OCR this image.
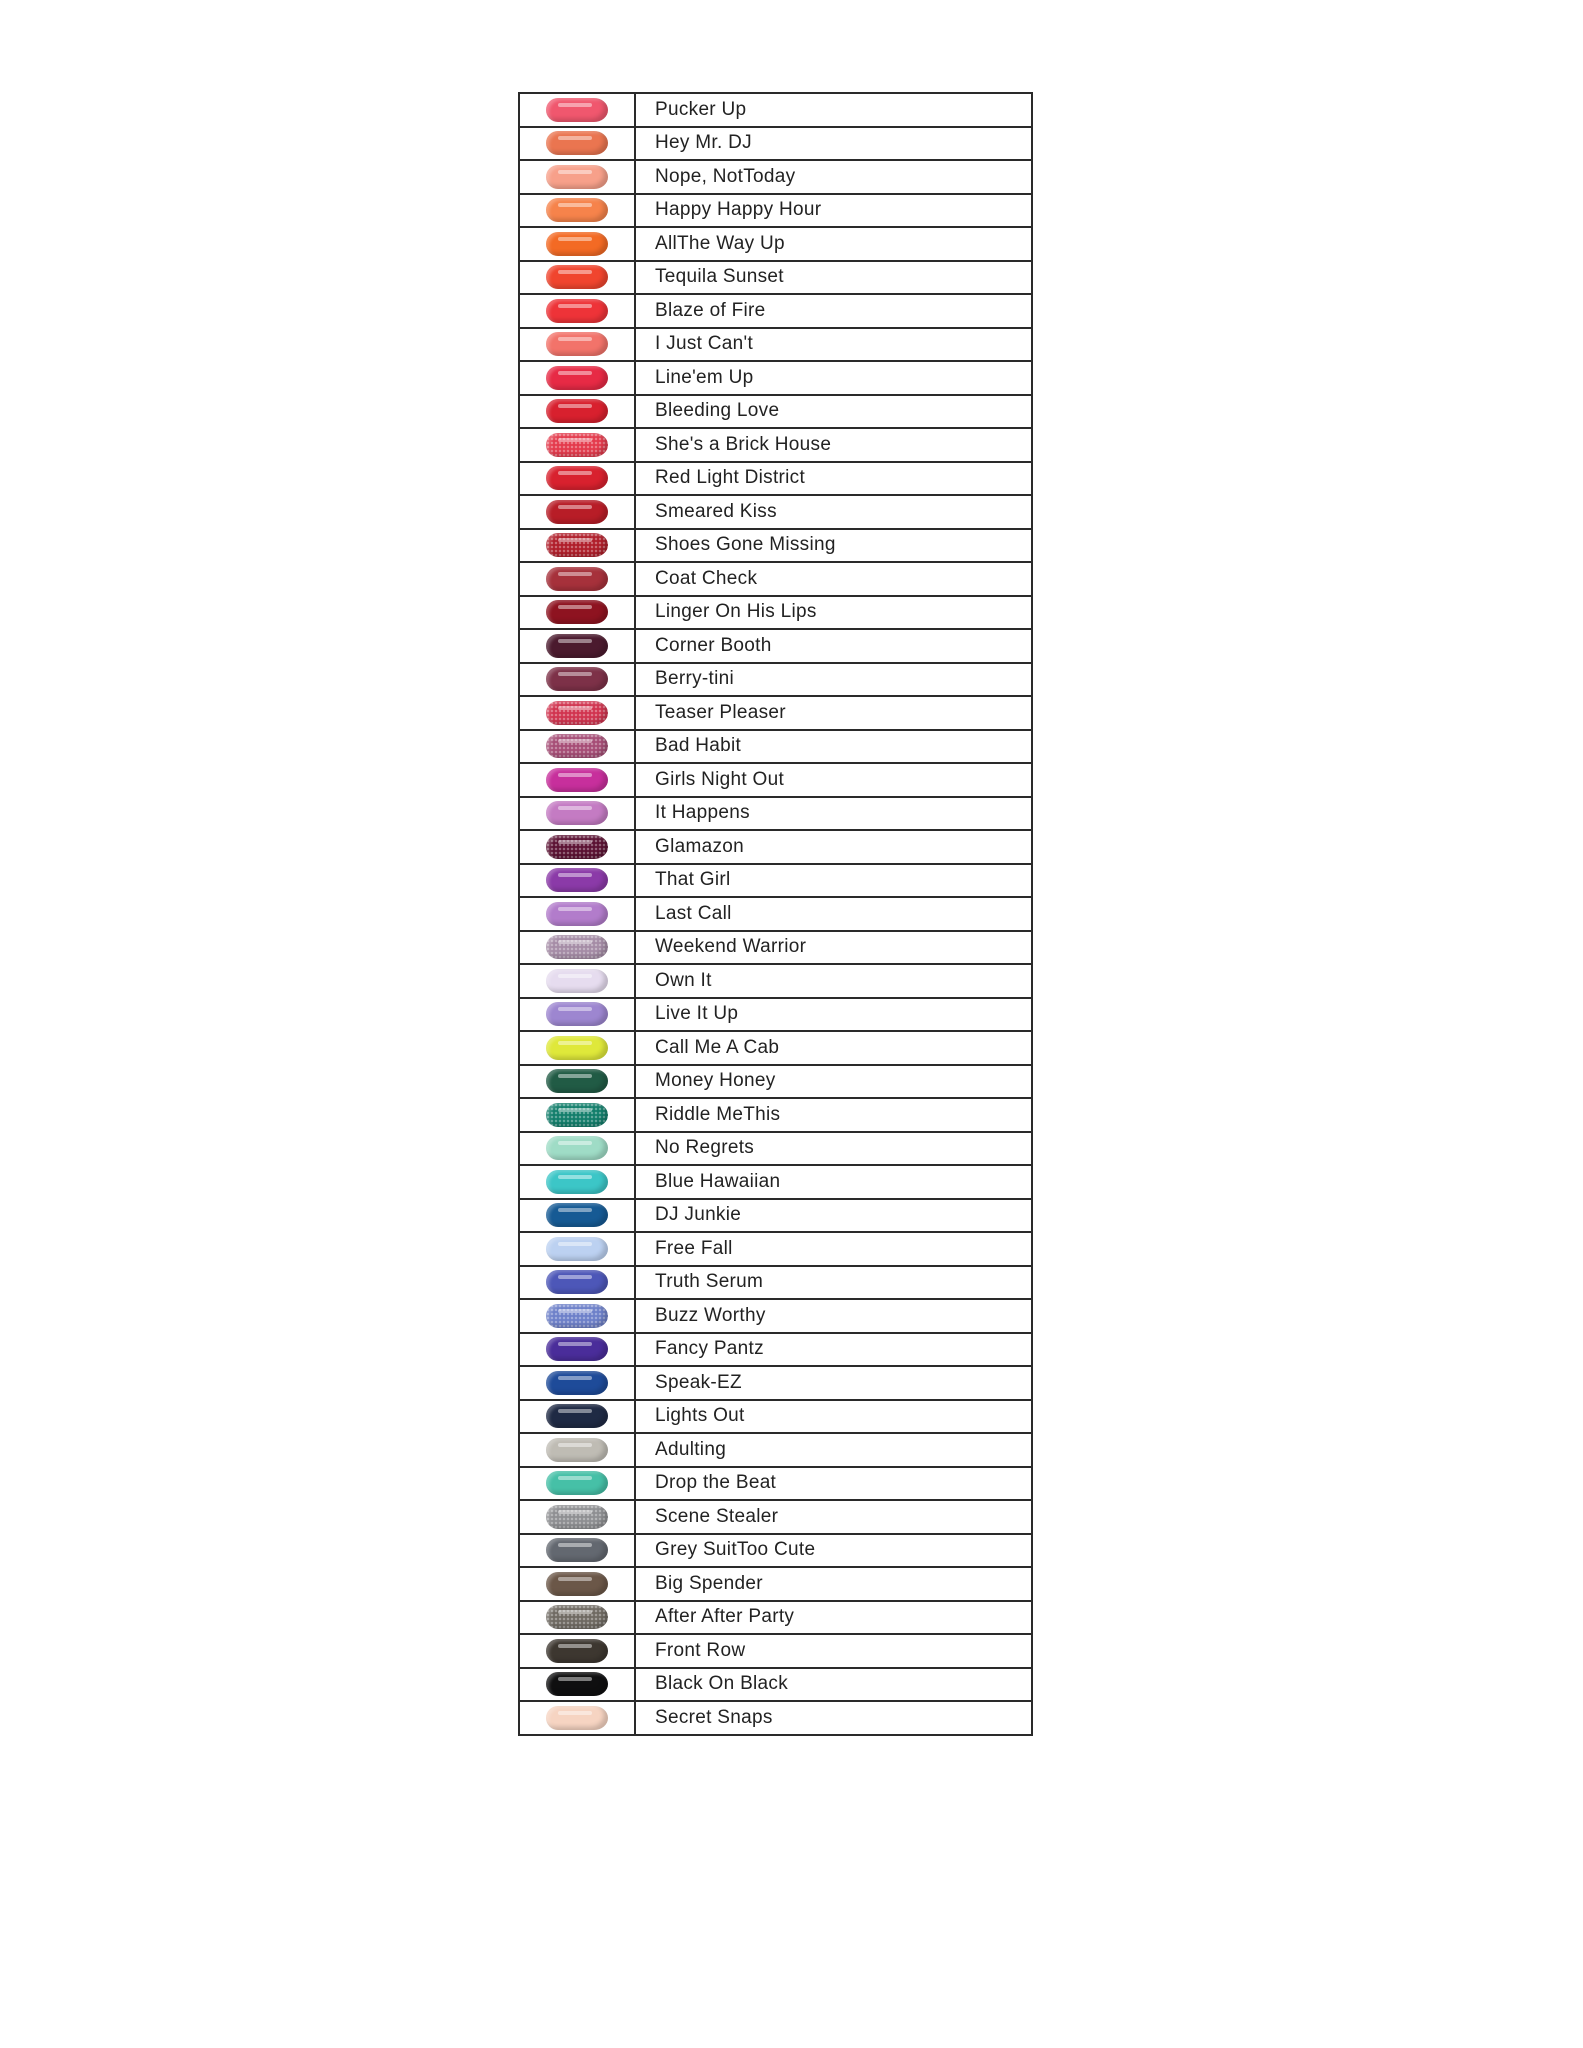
	Pucker Up
	Hey Mr. DJ
	Nope, NotToday
	Happy Happy Hour
	AllThe Way Up
	Tequila Sunset
	Blaze of Fire
	I Just Can't
	Line'em Up
	Bleeding Love
	She's a Brick House
	Red Light District
	Smeared Kiss
	Shoes Gone Missing
	Coat Check
	Linger On His Lips
	Corner Booth
	Berry-tini
	Teaser Pleaser
	Bad Habit
	Girls Night Out
	It Happens
	Glamazon
	That Girl
	Last Call
	Weekend Warrior
	Own It
	Live It Up
	Call Me A Cab
	Money Honey
	Riddle MeThis
	No Regrets
	Blue Hawaiian
	DJ Junkie
	Free Fall
	Truth Serum
	Buzz Worthy
	Fancy Pantz
	Speak-EZ
	Lights Out
	Adulting
	Drop the Beat
	Scene Stealer
	Grey SuitToo Cute
	Big Spender
	After After Party
	Front Row
	Black On Black
	Secret Snaps
